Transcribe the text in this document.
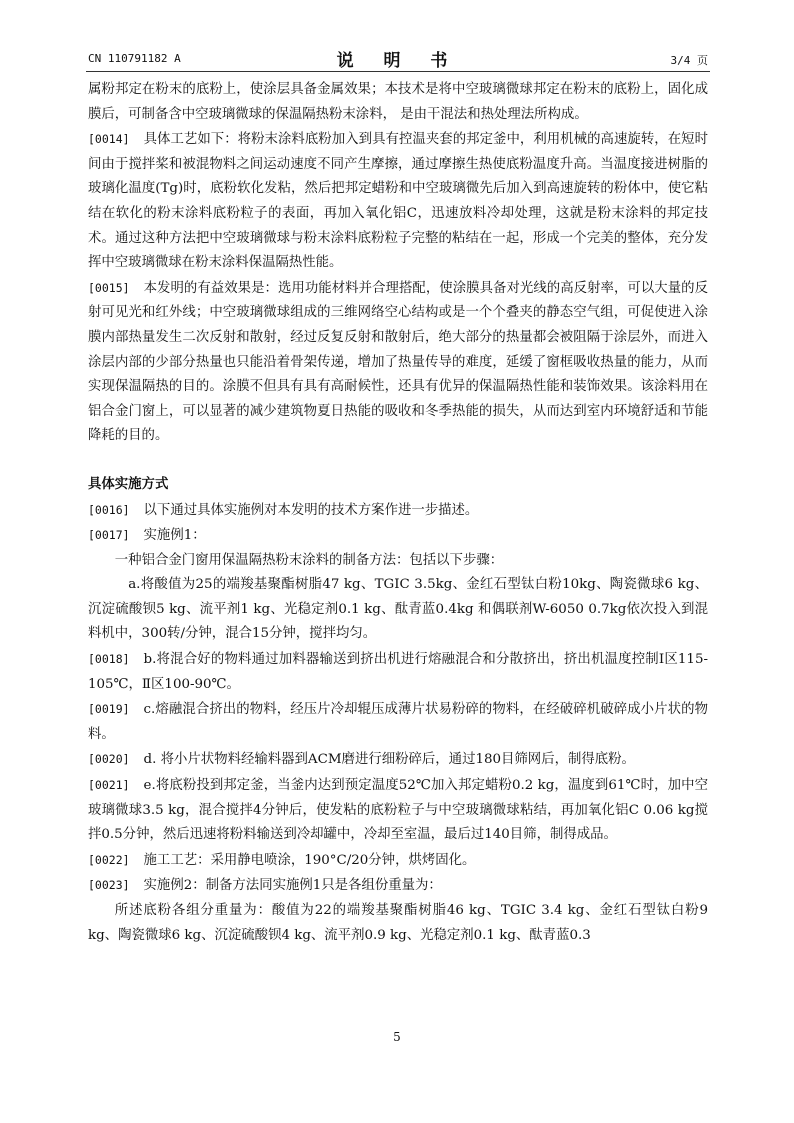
CN 110791182 A	说 明 书	3/4 页

属粉邦定在粉末的底粉上，使涂层具备金属效果；本技术是将中空玻璃微球邦定在粉末的底粉上，固化成膜后，可制备含中空玻璃微球的保温隔热粉末涂料， 是由干混法和热处理法所构成。

[0014] 具体工艺如下：将粉末涂料底粉加入到具有控温夹套的邦定釜中，利用机械的高速旋转，在短时间由于搅拌桨和被混物料之间运动速度不同产生摩擦，通过摩擦生热使底粉温度升高。当温度接进树脂的玻璃化温度(Tg)时，底粉软化发粘，然后把邦定蜡粉和中空玻璃微先后加入到高速旋转的粉体中，使它粘结在软化的粉末涂料底粉粒子的表面，再加入氧化铝C，迅速放料冷却处理，这就是粉末涂料的邦定技术。通过这种方法把中空玻璃微球与粉末涂料底粉粒子完整的粘结在一起，形成一个完美的整体，充分发挥中空玻璃微球在粉末涂料保温隔热性能。

[0015] 本发明的有益效果是：选用功能材料并合理搭配，使涂膜具备对光线的高反射率，可以大量的反射可见光和红外线；中空玻璃微球组成的三维网络空心结构或是一个个叠夹的静态空气组，可促使进入涂膜内部热量发生二次反射和散射，经过反复反射和散射后，绝大部分的热量都会被阻隔于涂层外，而进入涂层内部的少部分热量也只能沿着骨架传递，增加了热量传导的难度，延缓了窗框吸收热量的能力，从而实现保温隔热的目的。涂膜不但具有具有高耐候性，还具有优异的保温隔热性能和装饰效果。该涂料用在铝合金门窗上，可以显著的减少建筑物夏日热能的吸收和冬季热能的损失，从而达到室内环境舒适和节能降耗的目的。

具体实施方式

[0016] 以下通过具体实施例对本发明的技术方案作进一步描述。

[0017] 实施例1：

一种铝合金门窗用保温隔热粉末涂料的制备方法：包括以下步骤：

a.将酸值为25的端羧基聚酯树脂47 kg、TGIC 3.5kg、金红石型钛白粉10kg、陶瓷微球6 kg、沉淀硫酸钡5 kg、流平剂1 kg、光稳定剂0.1 kg、酞青蓝0.4kg 和偶联剂W-6050 0.7kg依次投入到混料机中，300转/分钟，混合15分钟，搅拌均匀。

[0018] b.将混合好的物料通过加料器输送到挤出机进行熔融混合和分散挤出，挤出机温度控制Ⅰ区115-105℃，Ⅱ区100-90℃。

[0019] c.熔融混合挤出的物料，经压片冷却辊压成薄片状易粉碎的物料，在经破碎机破碎成小片状的物料。

[0020] d. 将小片状物料经输料器到ACM磨进行细粉碎后，通过180目筛网后，制得底粉。

[0021] e.将底粉投到邦定釜，当釜内达到预定温度52℃加入邦定蜡粉0.2 kg，温度到61℃时，加中空玻璃微球3.5 kg，混合搅拌4分钟后，使发粘的底粉粒子与中空玻璃微球粘结，再加氧化铝C 0.06 kg搅拌0.5分钟，然后迅速将粉料输送到冷却罐中，冷却至室温，最后过140目筛，制得成品。

[0022] 施工工艺：采用静电喷涂，190°C/20分钟，烘烤固化。

[0023] 实施例2：制备方法同实施例1只是各组份重量为：

所述底粉各组分重量为：酸值为22的端羧基聚酯树脂46 kg、TGIC 3.4 kg、金红石型钛白粉9 kg、陶瓷微球6 kg、沉淀硫酸钡4 kg、流平剂0.9 kg、光稳定剂0.1 kg、酞青蓝0.3

5
